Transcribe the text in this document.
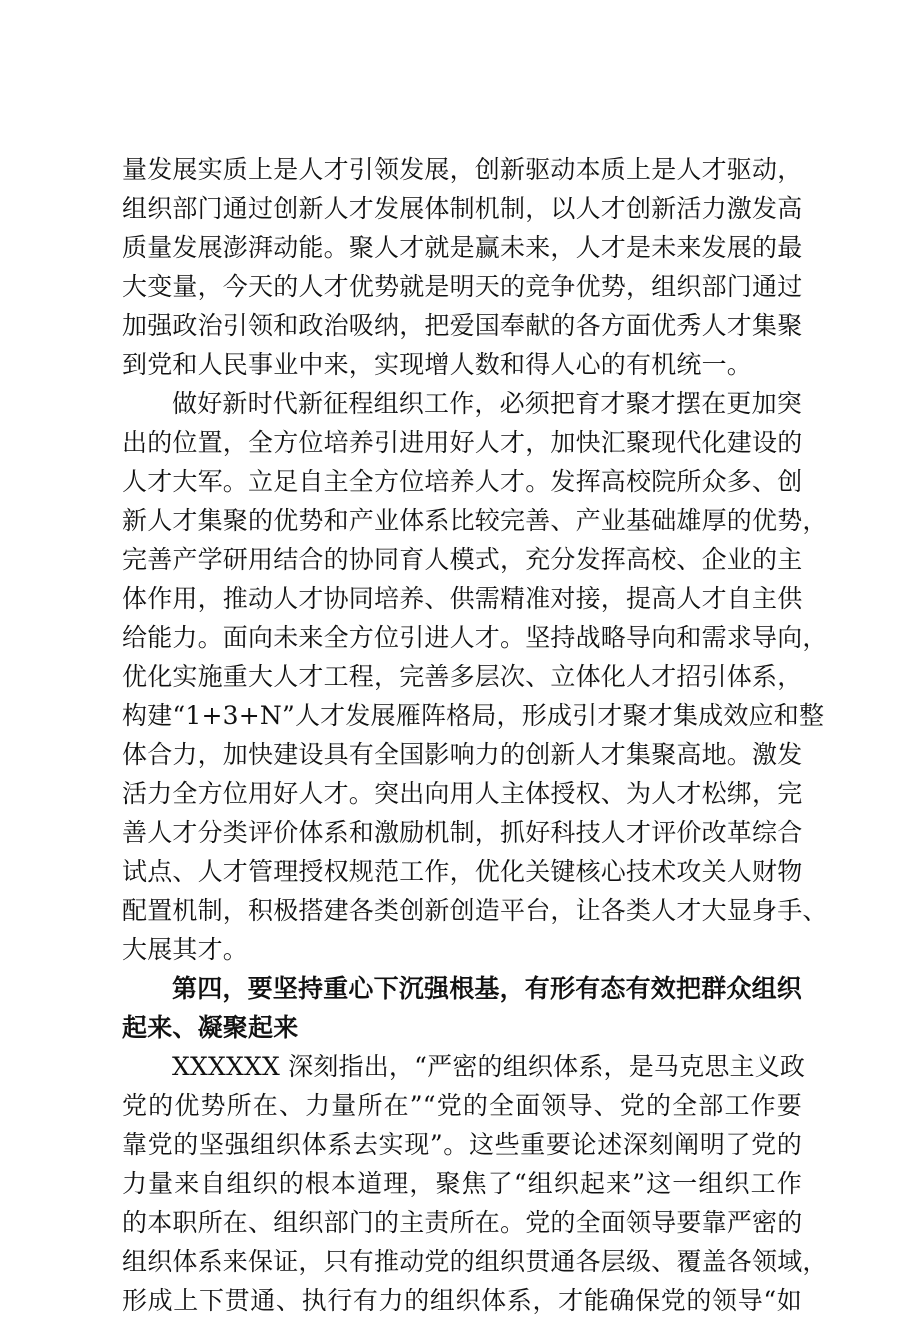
量发展实质上是人才引领发展，创新驱动本质上是人才驱动，
组织部门通过创新人才发展体制机制，以人才创新活力激发高
质量发展澎湃动能。聚人才就是赢未来，人才是未来发展的最
大变量，今天的人才优势就是明天的竞争优势，组织部门通过
加强政治引领和政治吸纳，把爱国奉献的各方面优秀人才集聚
到党和人民事业中来，实现增人数和得人心的有机统一。
做好新时代新征程组织工作，必须把育才聚才摆在更加突
出的位置，全方位培养引进用好人才，加快汇聚现代化建设的
人才大军。立足自主全方位培养人才。发挥高校院所众多、创
新人才集聚的优势和产业体系比较完善、产业基础雄厚的优势，
完善产学研用结合的协同育人模式，充分发挥高校、企业的主
体作用，推动人才协同培养、供需精准对接，提高人才自主供
给能力。面向未来全方位引进人才。坚持战略导向和需求导向，
优化实施重大人才工程，完善多层次、立体化人才招引体系，
构建“1+3+N”人才发展雁阵格局，形成引才聚才集成效应和整
体合力，加快建设具有全国影响力的创新人才集聚高地。激发
活力全方位用好人才。突出向用人主体授权、为人才松绑，完
善人才分类评价体系和激励机制，抓好科技人才评价改革综合
试点、人才管理授权规范工作，优化关键核心技术攻关人财物
配置机制，积极搭建各类创新创造平台，让各类人才大显身手、
大展其才。
第四，要坚持重心下沉强根基，有形有态有效把群众组织
起来、凝聚起来
XXXXXX 深刻指出，“严密的组织体系，是马克思主义政
党的优势所在、力量所在”“党的全面领导、党的全部工作要
靠党的坚强组织体系去实现”。这些重要论述深刻阐明了党的
力量来自组织的根本道理，聚焦了“组织起来”这一组织工作
的本职所在、组织部门的主责所在。党的全面领导要靠严密的
组织体系来保证，只有推动党的组织贯通各层级、覆盖各领域，
形成上下贯通、执行有力的组织体系，才能确保党的领导“如
